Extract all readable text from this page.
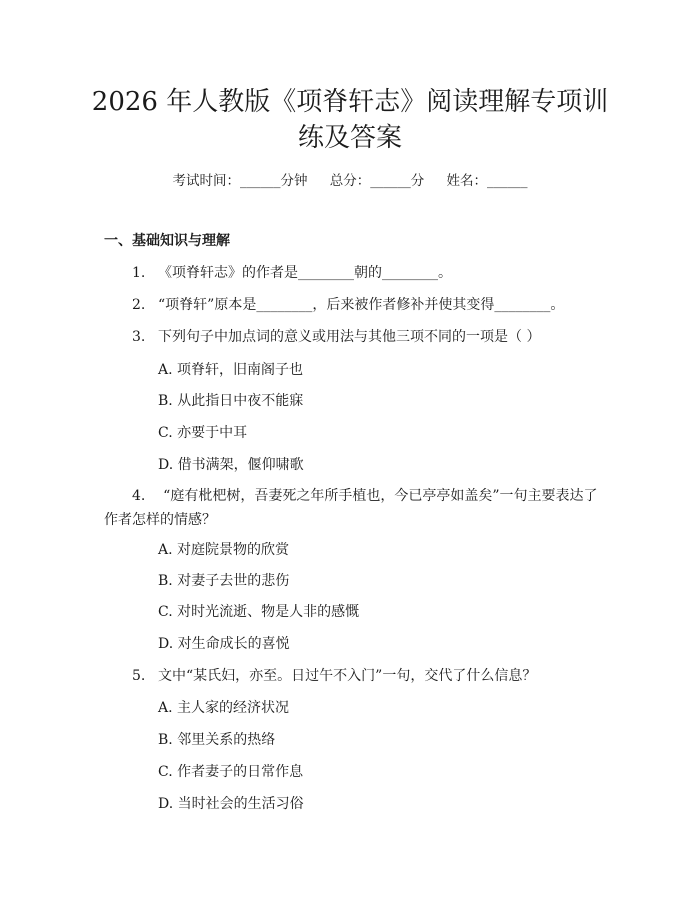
2026 年人教版《项脊轩志》阅读理解专项训练及答案
考试时间：______分钟 总分：______分 姓名：______
一、基础知识与理解
1. 《项脊轩志》的作者是________朝的________。
2. “项脊轩”原本是________，后来被作者修补并使其变得________。
3. 下列句子中加点词的意义或用法与其他三项不同的一项是（ ）
A. 项脊轩，旧南阁子也
B. 从此指日中夜不能寐
C. 亦要于中耳
D. 借书满架，偃仰啸歌
4. “庭有枇杷树，吾妻死之年所手植也，今已亭亭如盖矣”一句主要表达了作者怎样的情感？
A. 对庭院景物的欣赏
B. 对妻子去世的悲伤
C. 对时光流逝、物是人非的感慨
D. 对生命成长的喜悦
5. 文中“某氏妇，亦至。日过午不入门”一句，交代了什么信息？
A. 主人家的经济状况
B. 邻里关系的热络
C. 作者妻子的日常作息
D. 当时社会的生活习俗
